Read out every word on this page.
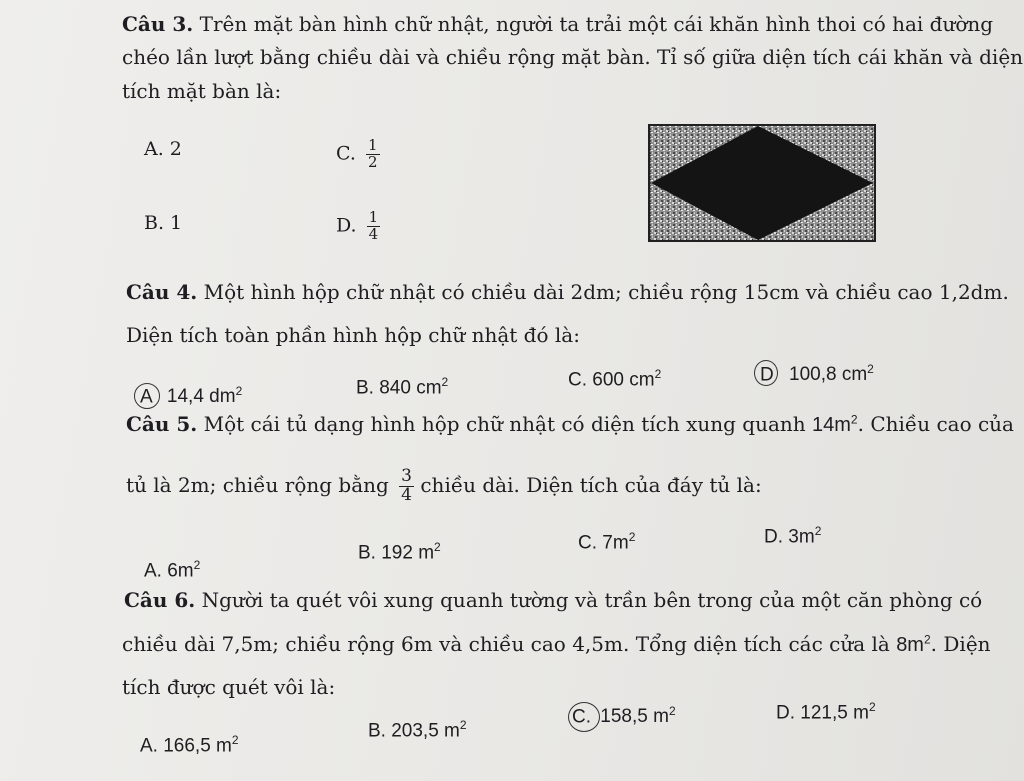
Câu 3. Trên mặt bàn hình chữ nhật, người ta trải một cái khăn hình thoi có hai đường
chéo lần lượt bằng chiều dài và chiều rộng mặt bàn. Tỉ số giữa diện tích cái khăn và diện
tích mặt bàn là:
A. 2
B. 1
C. $\frac{1}{2}$
D. $\frac{1}{4}$
Câu 4. Một hình hộp chữ nhật có chiều dài 2dm; chiều rộng 15cm và chiều cao 1,2dm.
Diện tích toàn phần hình hộp chữ nhật đó là:
A 14,4 $dm^2$	B. 840 $cm^2$	C. 600 $cm^2$	D 100,8 $cm^2$
Câu 5. Một cái tủ dạng hình hộp chữ nhật có diện tích xung quanh $14m^2$. Chiều cao của
tủ là 2m; chiều rộng bằng $\frac{3}{4}$ chiều dài. Diện tích của đáy tủ là:
A. $6m^2$
B. 192 $m^2$	C. $7m^2$	D. $3m^2$
Câu 6. Người ta quét vôi xung quanh tường và trần bên trong của một căn phòng có
chiều dài 7,5m; chiều rộng 6m và chiều cao 4,5m. Tổng diện tích các cửa là $8m^2$. Diện
tích được quét vôi là:
A. 166,5 $m^2$	B. 203,5 $m^2$	C. 158,5 $m^2$	D. 121,5 $m^2$
